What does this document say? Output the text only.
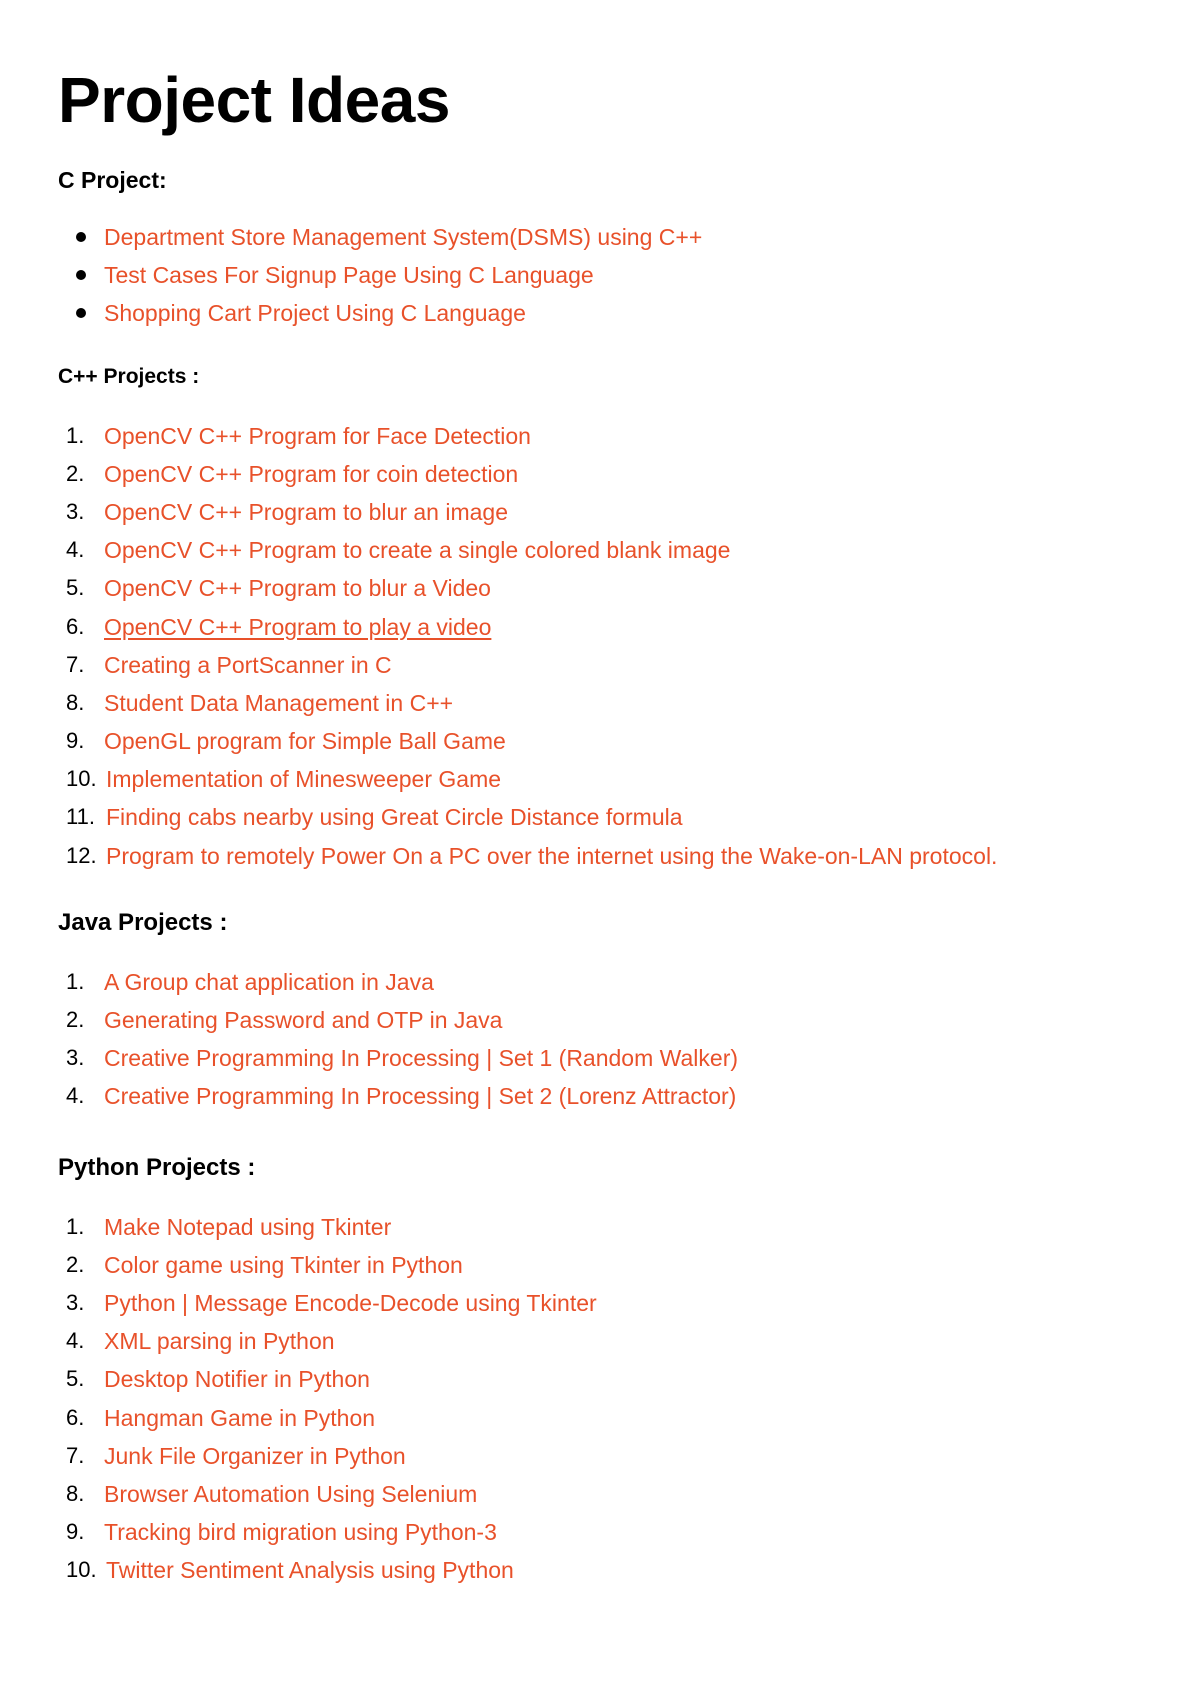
Project Ideas
C Project:
Department Store Management System(DSMS) using C++
Test Cases For Signup Page Using C Language
Shopping Cart Project Using C Language
C++ Projects :
1. OpenCV C++ Program for Face Detection
2. OpenCV C++ Program for coin detection
3. OpenCV C++ Program to blur an image
4. OpenCV C++ Program to create a single colored blank image
5. OpenCV C++ Program to blur a Video
6. OpenCV C++ Program to play a video
7. Creating a PortScanner in C
8. Student Data Management in C++
9. OpenGL program for Simple Ball Game
10. Implementation of Minesweeper Game
11. Finding cabs nearby using Great Circle Distance formula
12. Program to remotely Power On a PC over the internet using the Wake-on-LAN protocol.
Java Projects :
1. A Group chat application in Java
2. Generating Password and OTP in Java
3. Creative Programming In Processing | Set 1 (Random Walker)
4. Creative Programming In Processing | Set 2 (Lorenz Attractor)
Python Projects :
1. Make Notepad using Tkinter
2. Color game using Tkinter in Python
3. Python | Message Encode-Decode using Tkinter
4. XML parsing in Python
5. Desktop Notifier in Python
6. Hangman Game in Python
7. Junk File Organizer in Python
8. Browser Automation Using Selenium
9. Tracking bird migration using Python-3
10. Twitter Sentiment Analysis using Python
